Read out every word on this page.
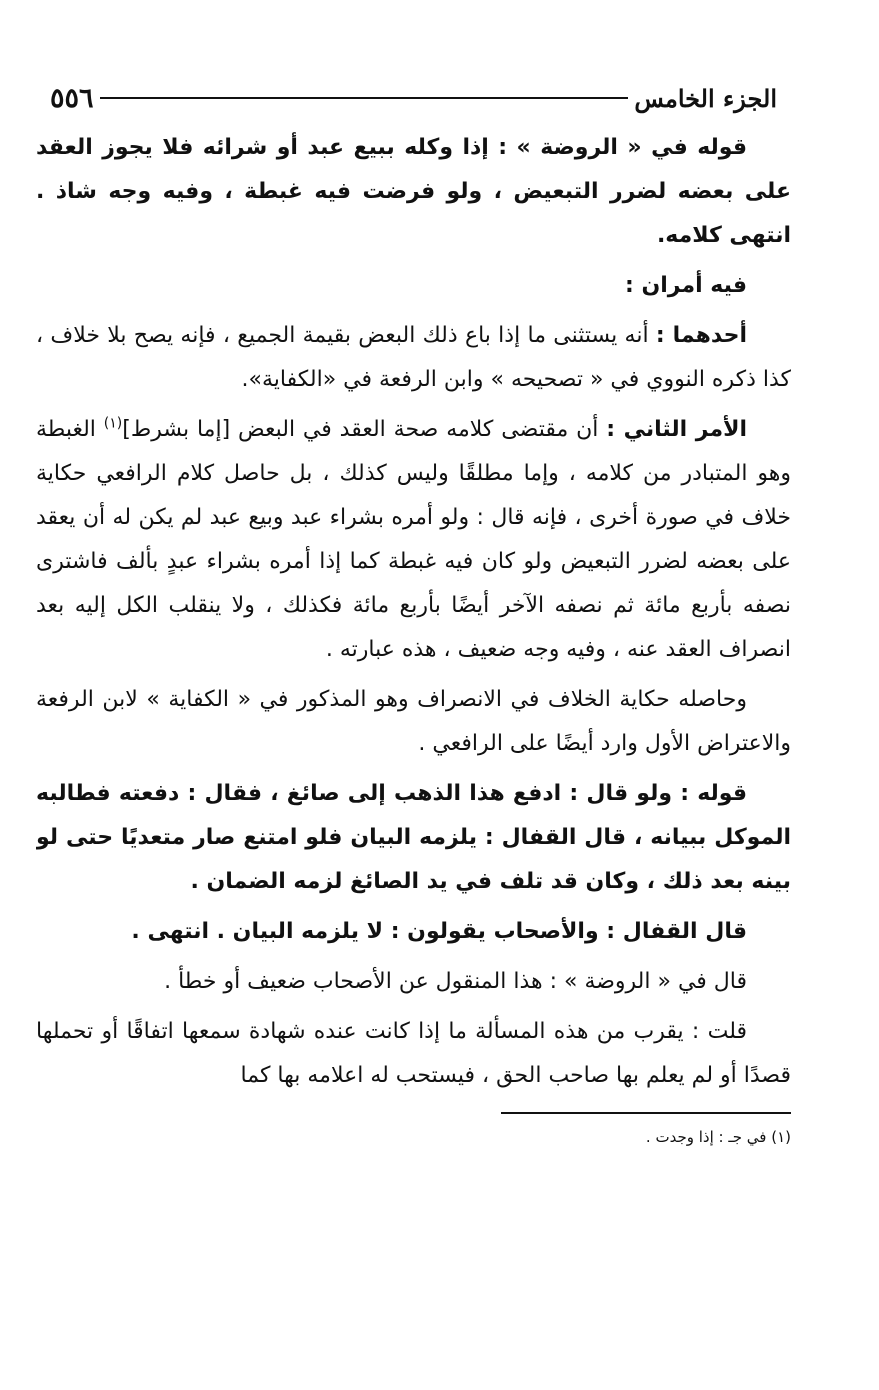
الجزء الخامس
٥٥٦

قوله في « الروضة » : إذا وكله ببيع عبد أو شرائه فلا يجوز العقد على بعضه لضرر التبعيض ، ولو فرضت فيه غبطة ، وفيه وجه شاذ . انتهى كلامه.

فيه أمران :

أحدهما : أنه يستثنى ما إذا باع ذلك البعض بقيمة الجميع ، فإنه يصح بلا خلاف ، كذا ذكره النووي في « تصحيحه » وابن الرفعة في «الكفاية».

الأمر الثاني : أن مقتضى كلامه صحة العقد في البعض [إما بشرط]$^{(١)}$ الغبطة وهو المتبادر من كلامه ، وإما مطلقًا وليس كذلك ، بل حاصل كلام الرافعي حكاية خلاف في صورة أخرى ، فإنه قال : ولو أمره بشراء عبد وبيع عبد لم يكن له أن يعقد على بعضه لضرر التبعيض ولو كان فيه غبطة كما إذا أمره بشراء عبدٍ بألف فاشترى نصفه بأربع مائة ثم نصفه الآخر أيضًا بأربع مائة فكذلك ، ولا ينقلب الكل إليه بعد انصراف العقد عنه ، وفيه وجه ضعيف ، هذه عبارته .

وحاصله حكاية الخلاف في الانصراف وهو المذكور في « الكفاية » لابن الرفعة والاعتراض الأول وارد أيضًا على الرافعي .

قوله : ولو قال : ادفع هذا الذهب إلى صائغ ، فقال : دفعته فطالبه الموكل ببيانه ، قال القفال : يلزمه البيان فلو امتنع صار متعديًا حتى لو بينه بعد ذلك ، وكان قد تلف في يد الصائغ لزمه الضمان .

قال القفال : والأصحاب يقولون : لا يلزمه البيان . انتهى .

قال في « الروضة » : هذا المنقول عن الأصحاب ضعيف أو خطأ .

قلت : يقرب من هذه المسألة ما إذا كانت عنده شهادة سمعها اتفاقًا أو تحملها قصدًا أو لم يعلم بها صاحب الحق ، فيستحب له اعلامه بها كما

(١) في جـ : إذا وجدت .
